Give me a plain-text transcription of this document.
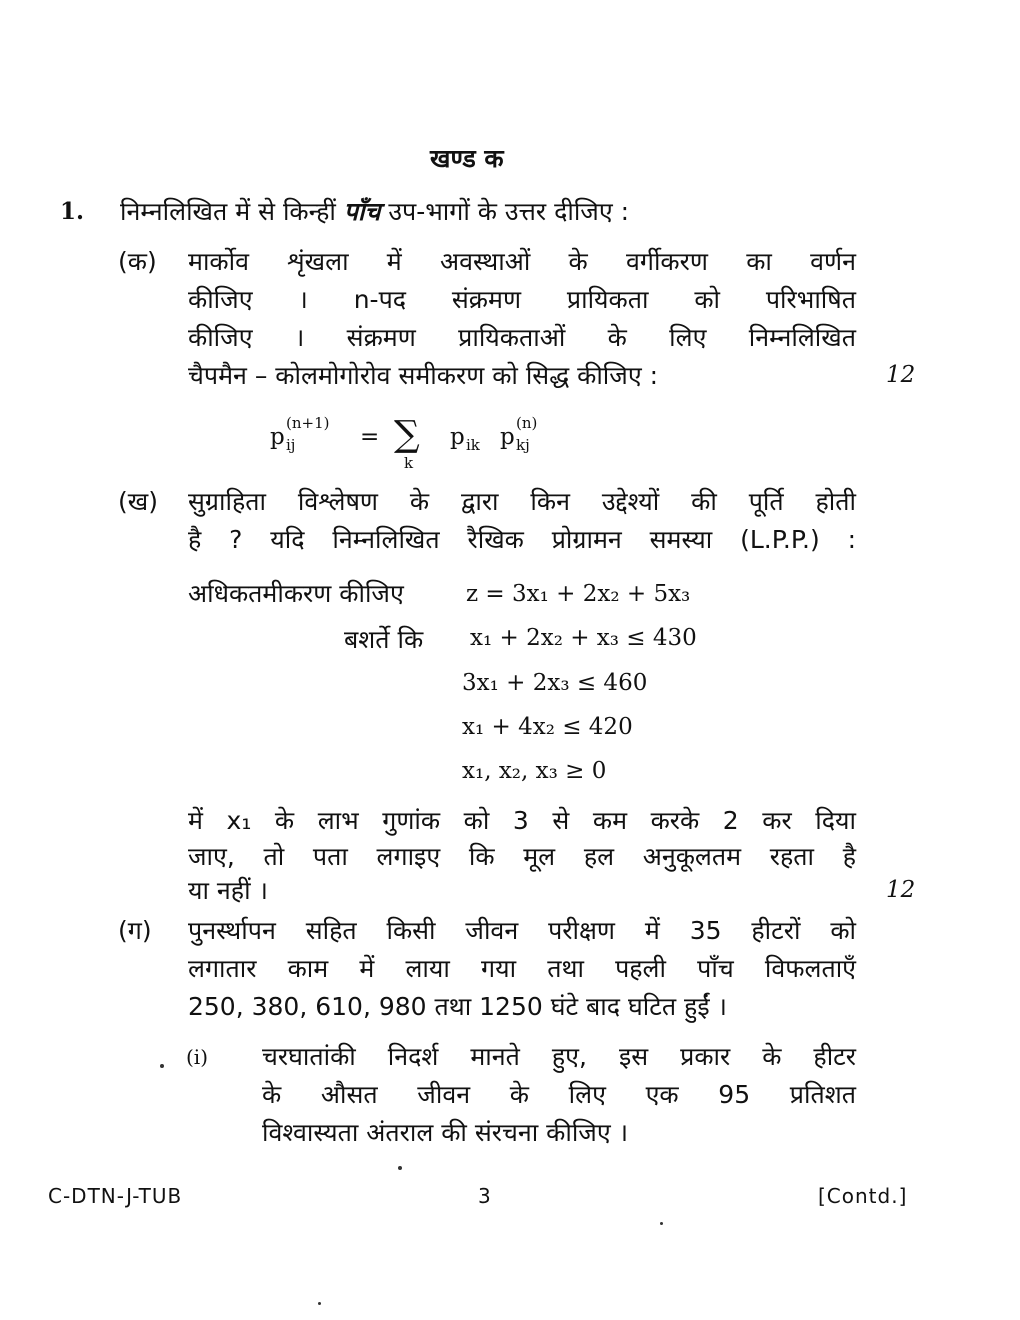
खण्ड क
1. निम्नलिखित में से किन्हीं पाँच उप-भागों के उत्तर दीजिए :
(क) मार्कोव शृंखला में अवस्थाओं के वर्गीकरण का वर्णन
कीजिए । n-पद संक्रमण प्रायिकता को परिभाषित
कीजिए । संक्रमण प्रायिकताओं के लिए निम्नलिखित
चैपमैन – कोलमोगोरोव समीकरण को सिद्ध कीजिए :	12
p
(n+1)
ij	= ∑
k
p ik p
(n)
kj
(ख) सुग्राहिता विश्लेषण के द्वारा किन उद्देश्यों की पूर्ति होती
है ? यदि निम्नलिखित रैखिक प्रोग्रामन समस्या (L.P.P.) :
अधिकतमीकरण कीजिए	z = 3x₁ + 2x₂ + 5x₃
बशर्ते कि x₁ + 2x₂ + x₃ ≤ 430
3x₁ + 2x₃ ≤ 460
x₁ + 4x₂ ≤ 420
x₁, x₂, x₃ ≥ 0
में x₁ के लाभ गुणांक को 3 से कम करके 2 कर दिया
जाए, तो पता लगाइए कि मूल हल अनुकूलतम रहता है
या नहीं ।	12
(ग) पुनर्स्थापन सहित किसी जीवन परीक्षण में 35 हीटरों को
लगातार काम में लाया गया तथा पहली पाँच विफलताएँ
250, 380, 610, 980 तथा 1250 घंटे बाद घटित हुईं ।
(i) चरघातांकी निदर्श मानते हुए, इस प्रकार के हीटर
के औसत जीवन के लिए एक 95 प्रतिशत
विश्वास्यता अंतराल की संरचना कीजिए ।
C-DTN-J-TUB	3	[Contd.]
